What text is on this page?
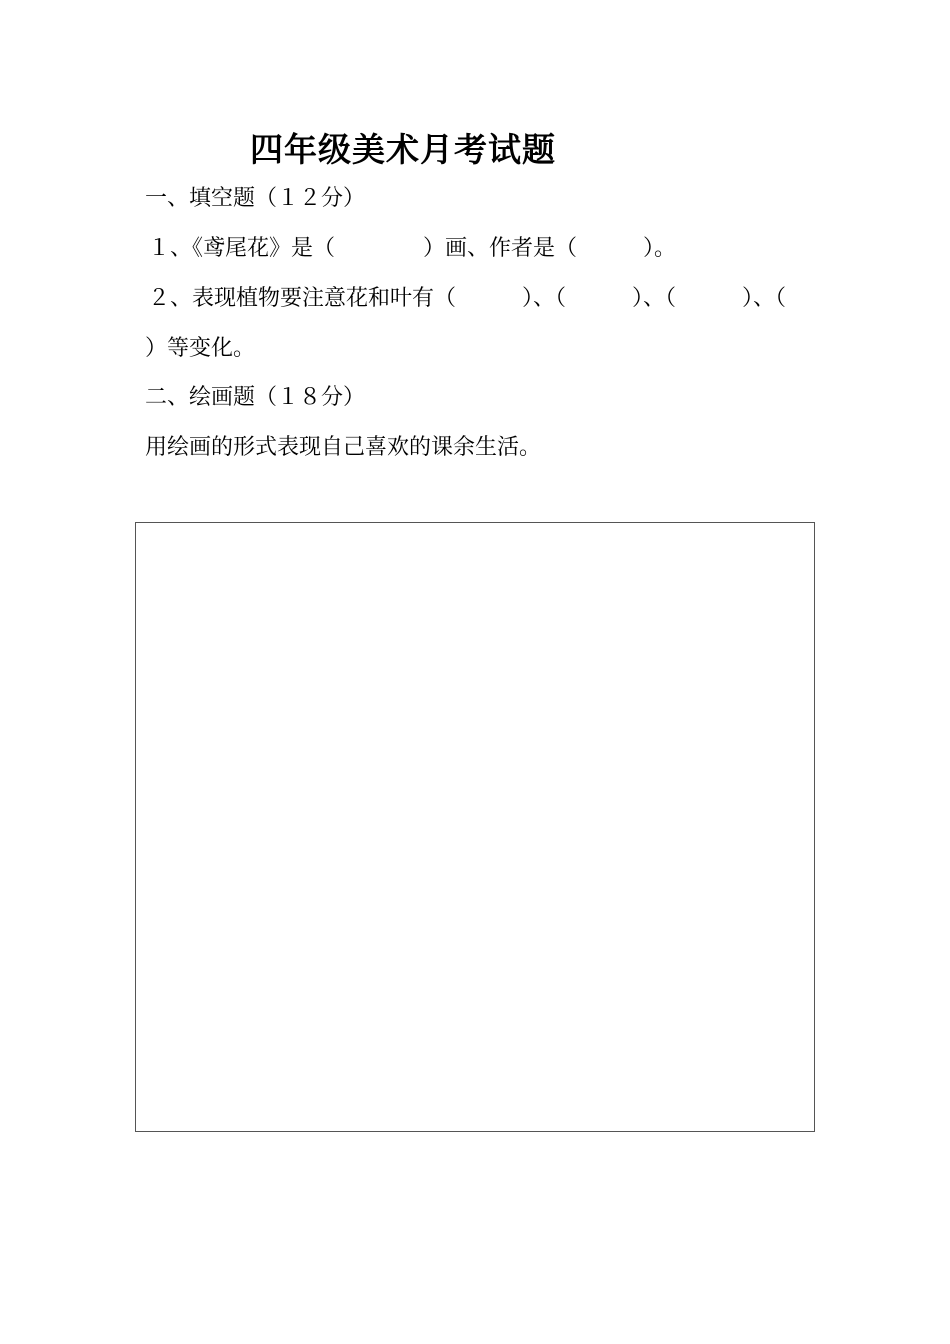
四年级美术月考试题
一、填空题（１２分）
１、《鸢尾花》是（　　　　）画、作者是（　　　）。
２、表现植物要注意花和叶有（　　　）、（　　　）、（　　　）、（
）等变化。
二、绘画题（１８分）
用绘画的形式表现自己喜欢的课余生活。
